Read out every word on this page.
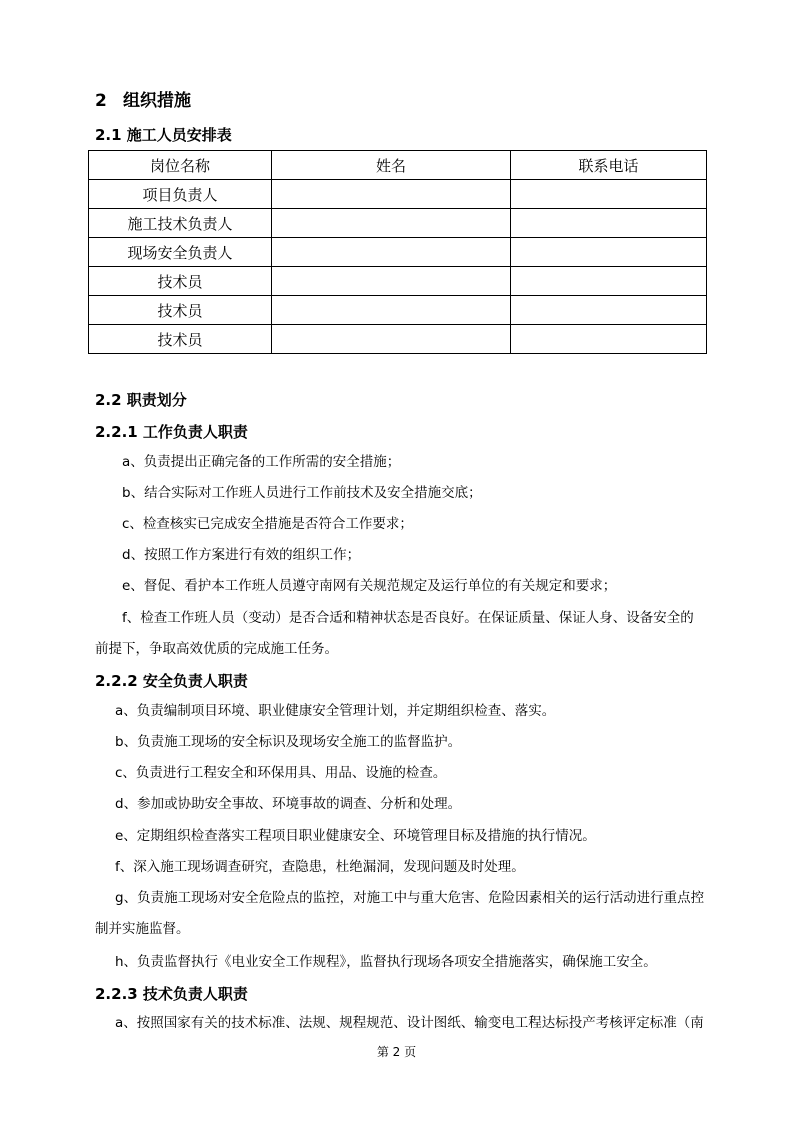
2 组织措施
2.1 施工人员安排表
岗位名称	姓名	联系电话
项目负责人		
施工技术负责人		
现场安全负责人		
技术员		
技术员		
技术员		
2.2 职责划分
2.2.1 工作负责人职责
a、负责提出正确完备的工作所需的安全措施；
b、结合实际对工作班人员进行工作前技术及安全措施交底；
c、检查核实已完成安全措施是否符合工作要求；
d、按照工作方案进行有效的组织工作；
e、督促、看护本工作班人员遵守南网有关规范规定及运行单位的有关规定和要求；
f、检查工作班人员（变动）是否合适和精神状态是否良好。在保证质量、保证人身、设备安全的
前提下，争取高效优质的完成施工任务。
2.2.2 安全负责人职责
a、负责编制项目环境、职业健康安全管理计划，并定期组织检查、落实。
b、负责施工现场的安全标识及现场安全施工的监督监护。
c、负责进行工程安全和环保用具、用品、设施的检查。
d、参加或协助安全事故、环境事故的调查、分析和处理。
e、定期组织检查落实工程项目职业健康安全、环境管理目标及措施的执行情况。
f、深入施工现场调查研究，查隐患，杜绝漏洞，发现问题及时处理。
g、负责施工现场对安全危险点的监控，对施工中与重大危害、危险因素相关的运行活动进行重点控
制并实施监督。
h、负责监督执行《电业安全工作规程》，监督执行现场各项安全措施落实，确保施工安全。
2.2.3 技术负责人职责
a、按照国家有关的技术标准、法规、规程规范、设计图纸、输变电工程达标投产考核评定标准（南
第 2 页
